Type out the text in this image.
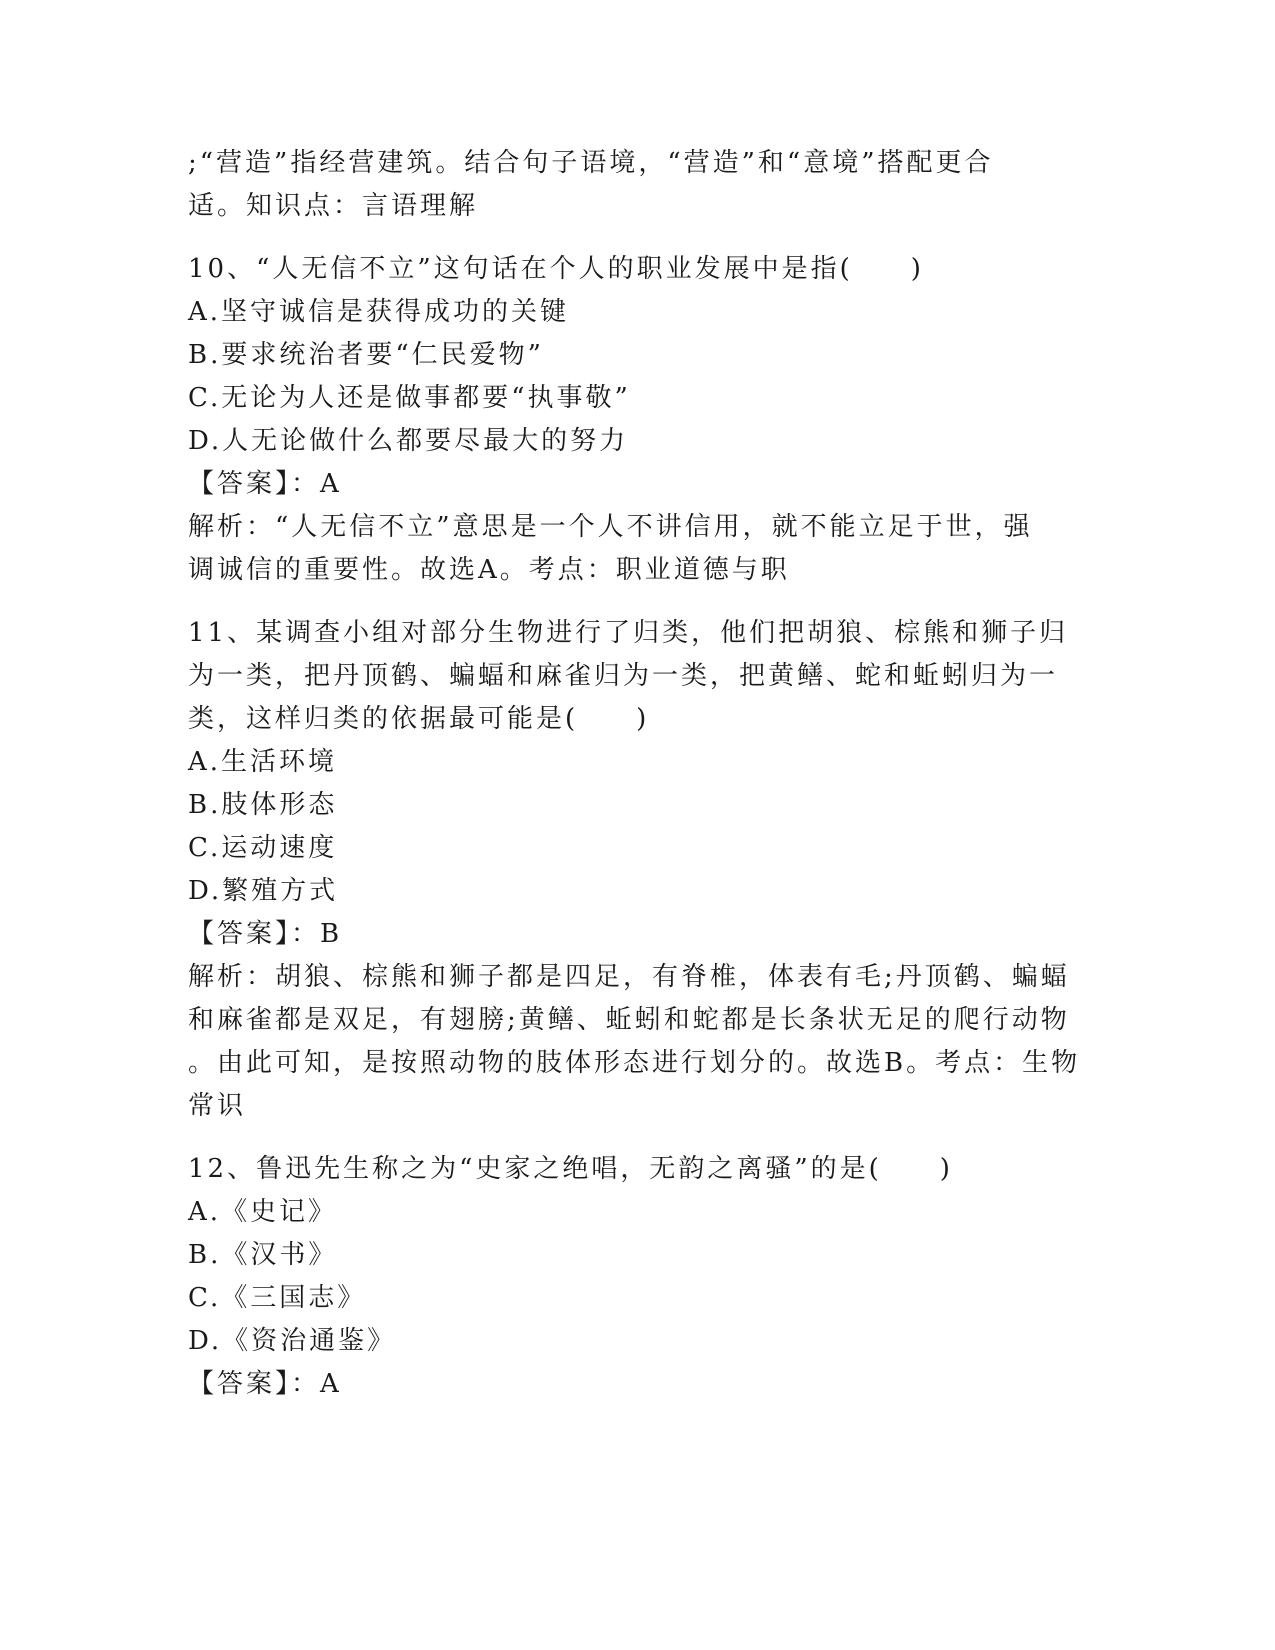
;“营造”指经营建筑。结合句子语境，“营造”和“意境”搭配更合
适。知识点：言语理解
10、“人无信不立”这句话在个人的职业发展中是指(　　)
A.坚守诚信是获得成功的关键
B.要求统治者要“仁民爱物”
C.无论为人还是做事都要“执事敬”
D.人无论做什么都要尽最大的努力
【答案】：A
解析：“人无信不立”意思是一个人不讲信用，就不能立足于世，强
调诚信的重要性。故选A。考点：职业道德与职
11、某调查小组对部分生物进行了归类，他们把胡狼、棕熊和狮子归
为一类，把丹顶鹤、蝙蝠和麻雀归为一类，把黄鳝、蛇和蚯蚓归为一
类，这样归类的依据最可能是(　　)
A.生活环境
B.肢体形态
C.运动速度
D.繁殖方式
【答案】：B
解析：胡狼、棕熊和狮子都是四足，有脊椎，体表有毛;丹顶鹤、蝙蝠
和麻雀都是双足，有翅膀;黄鳝、蚯蚓和蛇都是长条状无足的爬行动物
。由此可知，是按照动物的肢体形态进行划分的。故选B。考点：生物
常识
12、鲁迅先生称之为“史家之绝唱，无韵之离骚”的是(　　)
A.《史记》
B.《汉书》
C.《三国志》
D.《资治通鉴》
【答案】：A
